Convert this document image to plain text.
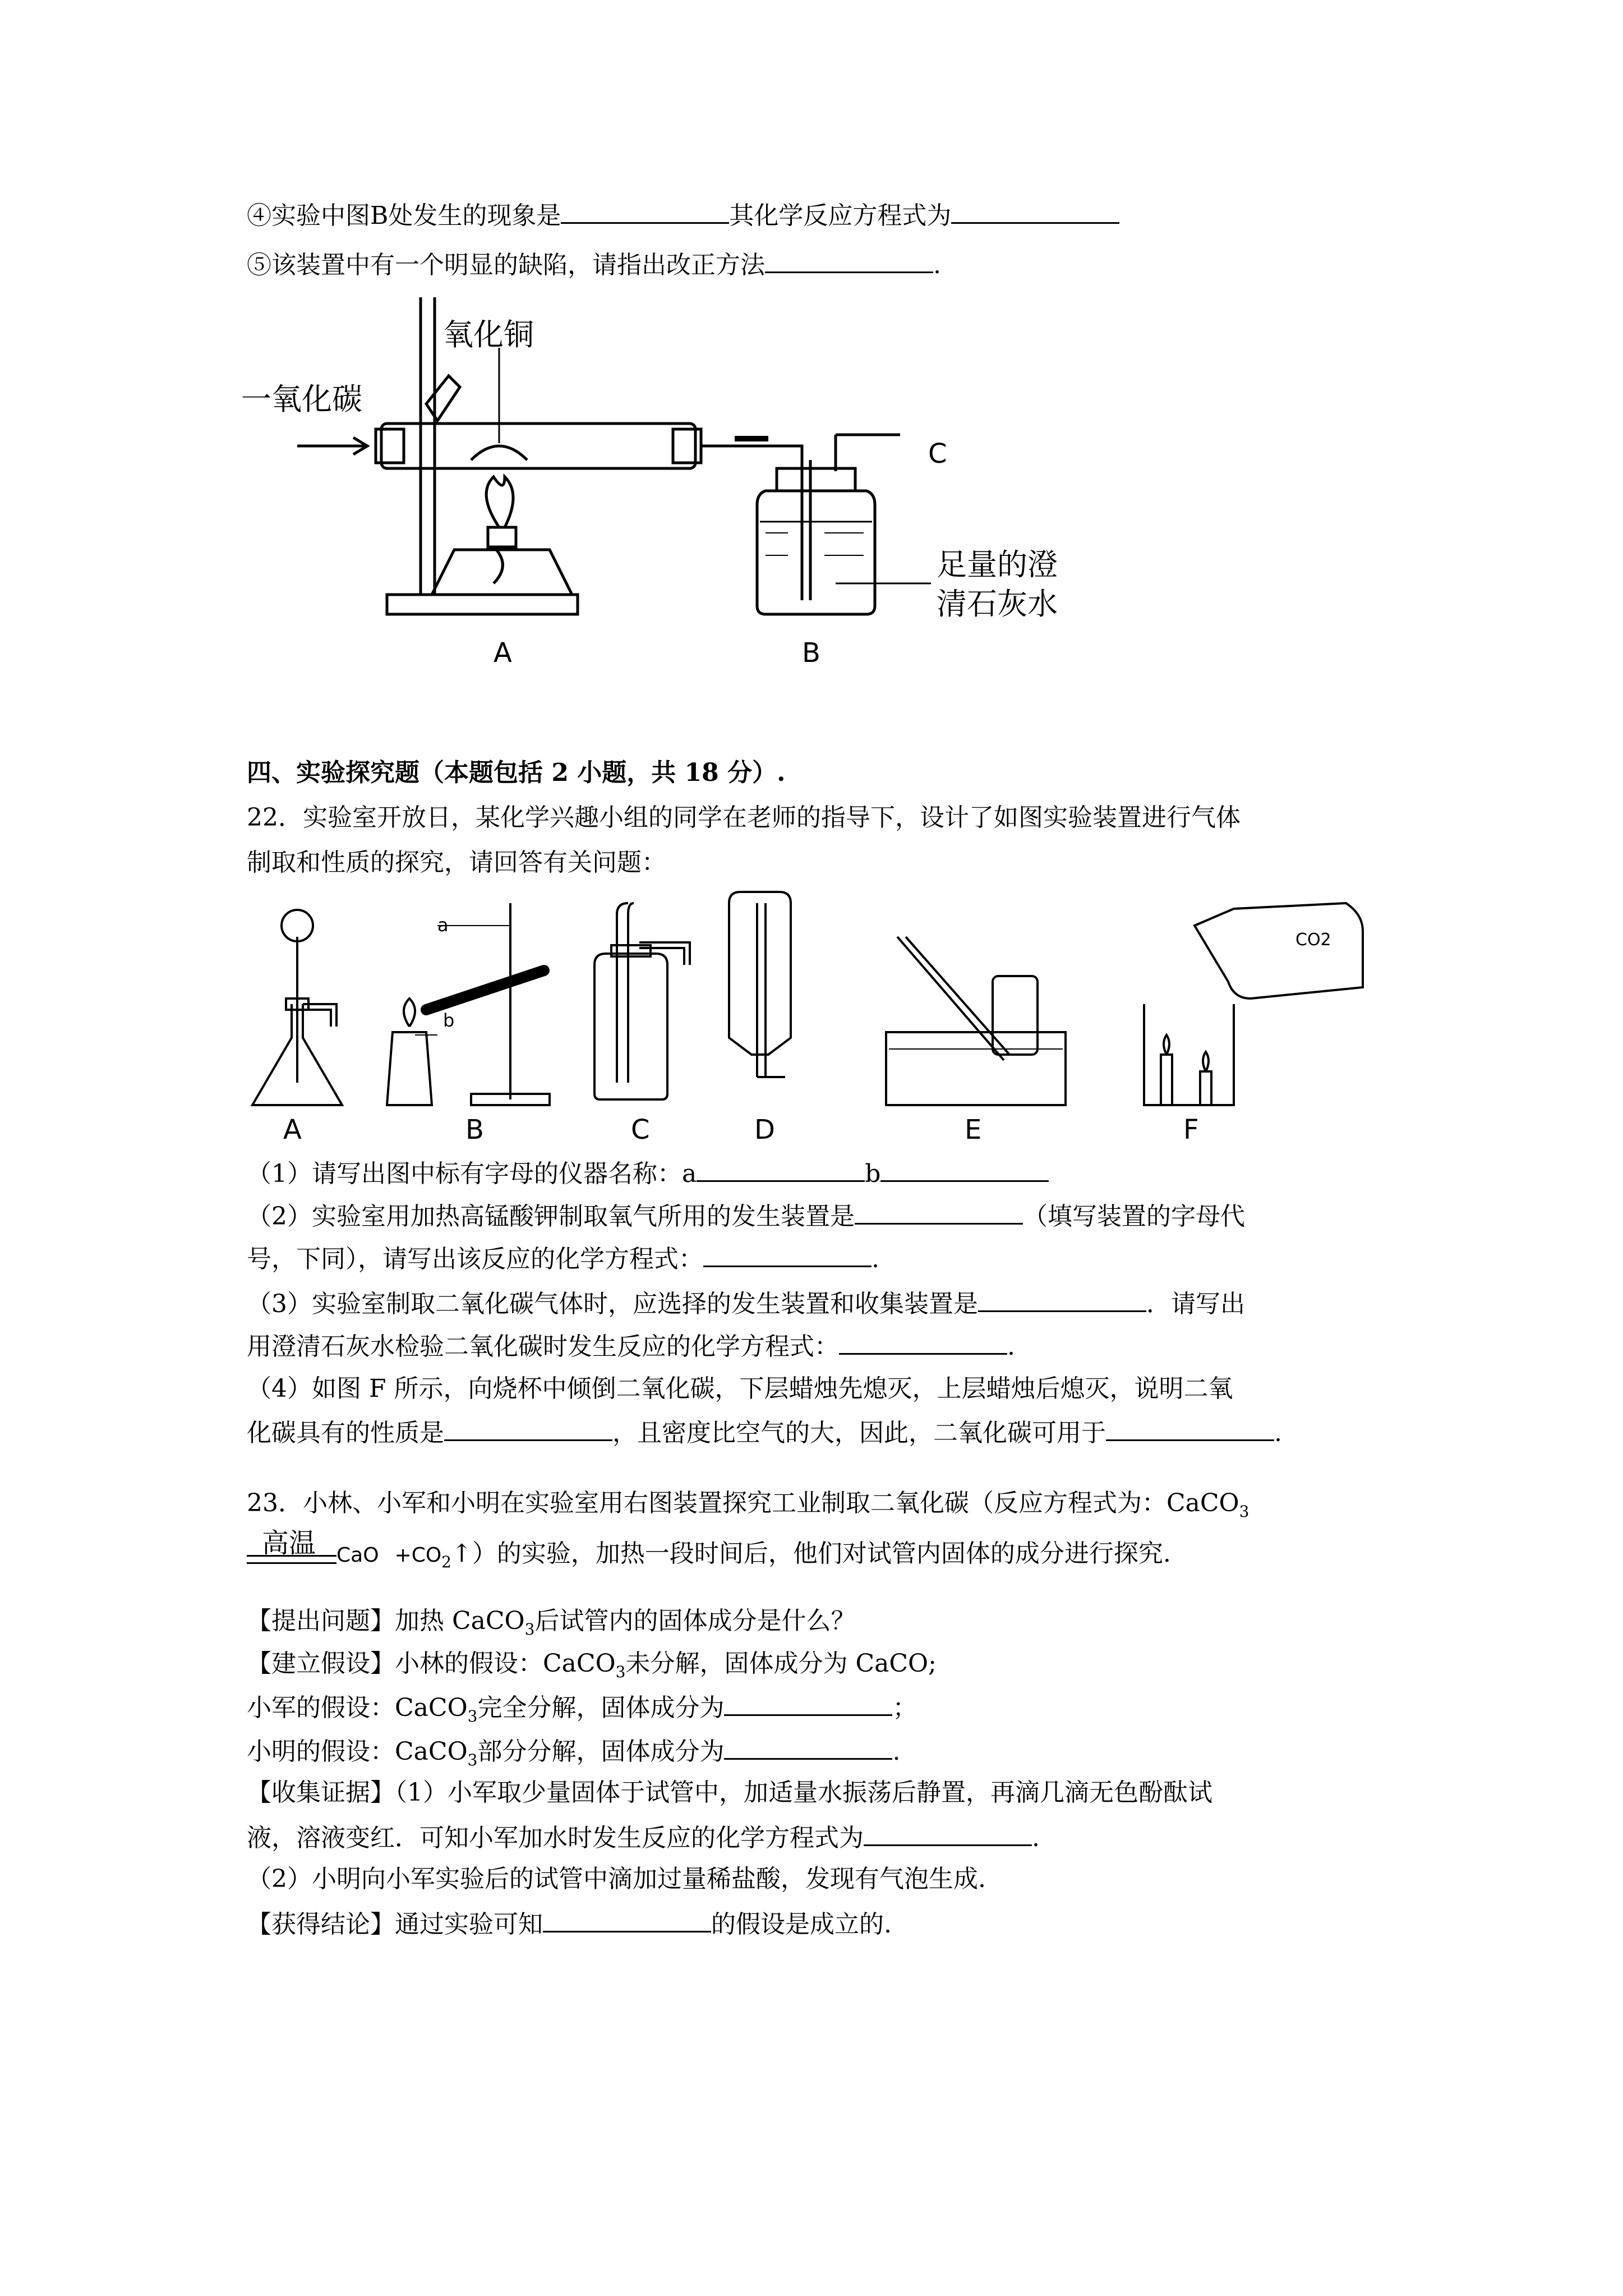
④实验中图B处发生的现象是	其化学反应方程式为
⑤该装置中有一个明显的缺陷，请指出改正方法	.
一氧化碳
氧化铜
C
足量的澄
清石灰水
A	B
四、实验探究题（本题包括 2 小题，共 18 分）.
22．实验室开放日，某化学兴趣小组的同学在老师的指导下，设计了如图实验装置进行气体
制取和性质的探究，请回答有关问题：
a
b
CO2
A	B	C	D	E	F
（1）请写出图中标有字母的仪器名称：a	b
（2）实验室用加热高锰酸钾制取氧气所用的发生装置是	（填写装置的字母代
号，下同），请写出该反应的化学方程式：	.
（3）实验室制取二氧化碳气体时，应选择的发生装置和收集装置是	．请写出
用澄清石灰水检验二氧化碳时发生反应的化学方程式：	.
（4）如图 F 所示，向烧杯中倾倒二氧化碳，下层蜡烛先熄灭，上层蜡烛后熄灭，说明二氧
化碳具有的性质是	，且密度比空气的大，因此，二氧化碳可用于	.
23．小林、小军和小明在实验室用右图装置探究工业制取二氧化碳（反应方程式为：CaCO$_3$
高温	CaO $+CO_2↑$）的实验，加热一段时间后，他们对试管内固体的成分进行探究.
【提出问题】加热 CaCO$_3$后试管内的固体成分是什么？
【建立假设】小林的假设：CaCO$_3$未分解，固体成分为 CaCO;
小军的假设：CaCO$_3$完全分解，固体成分为	；
小明的假设：CaCO$_3$部分分解，固体成分为	.
【收集证据】（1）小军取少量固体于试管中，加适量水振荡后静置，再滴几滴无色酚酞试
液，溶液变红．可知小军加水时发生反应的化学方程式为	.
（2）小明向小军实验后的试管中滴加过量稀盐酸，发现有气泡生成.
【获得结论】通过实验可知	的假设是成立的.
